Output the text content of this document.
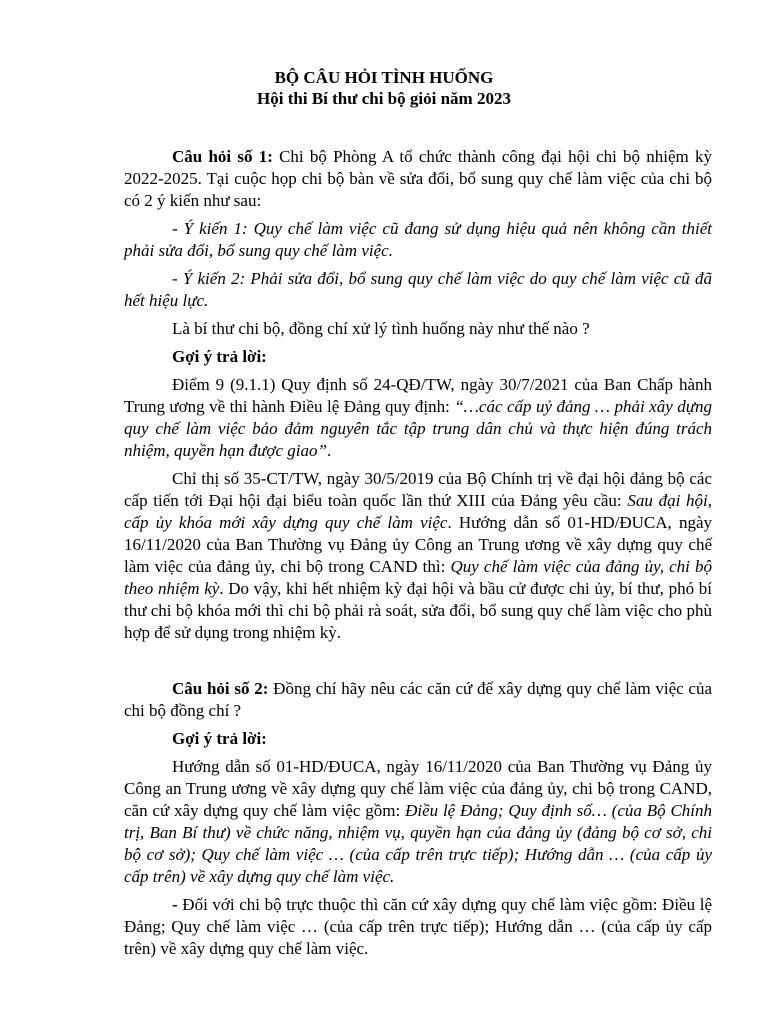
BỘ CÂU HỎI TÌNH HUỐNG
Hội thi Bí thư chi bộ giỏi năm 2023

Câu hỏi số 1: Chi bộ Phòng A tổ chức thành công đại hội chi bộ nhiệm kỳ 2022-2025. Tại cuộc họp chi bộ bàn về sửa đổi, bổ sung quy chế làm việc của chi bộ có 2 ý kiến như sau:

- Ý kiến 1: Quy chế làm việc cũ đang sử dụng hiệu quả nên không cần thiết phải sửa đổi, bổ sung quy chế làm việc.

- Ý kiến 2: Phải sửa đổi, bổ sung quy chế làm việc do quy chế làm việc cũ đã hết hiệu lực.

Là bí thư chi bộ, đồng chí xử lý tình huống này như thế nào ?

Gợi ý trả lời:

Điểm 9 (9.1.1) Quy định số 24-QĐ/TW, ngày 30/7/2021 của Ban Chấp hành Trung ương về thi hành Điều lệ Đảng quy định: “…các cấp uỷ đảng … phải xây dựng quy chế làm việc bảo đảm nguyên tắc tập trung dân chủ và thực hiện đúng trách nhiệm, quyền hạn được giao”.

Chỉ thị số 35-CT/TW, ngày 30/5/2019 của Bộ Chính trị về đại hội đảng bộ các cấp tiến tới Đại hội đại biểu toàn quốc lần thứ XIII của Đảng yêu cầu: Sau đại hội, cấp ủy khóa mới xây dựng quy chế làm việc. Hướng dẫn số 01-HD/ĐUCA, ngày 16/11/2020 của Ban Thường vụ Đảng ủy Công an Trung ương về xây dựng quy chế làm việc của đảng ủy, chi bộ trong CAND thì: Quy chế làm việc của đảng ủy, chi bộ theo nhiệm kỳ. Do vậy, khi hết nhiệm kỳ đại hội và bầu cử được chi ủy, bí thư, phó bí thư chi bộ khóa mới thì chi bộ phải rà soát, sửa đổi, bổ sung quy chế làm việc cho phù hợp để sử dụng trong nhiệm kỳ.

Câu hỏi số 2: Đồng chí hãy nêu các căn cứ để xây dựng quy chế làm việc của chi bộ đồng chí ?

Gợi ý trả lời:

Hướng dẫn số 01-HD/ĐUCA, ngày 16/11/2020 của Ban Thường vụ Đảng ủy Công an Trung ương về xây dựng quy chế làm việc của đảng ủy, chi bộ trong CAND, căn cứ xây dựng quy chế làm việc gồm: Điều lệ Đảng; Quy định số… (của Bộ Chính trị, Ban Bí thư) về chức năng, nhiệm vụ, quyền hạn của đảng ủy (đảng bộ cơ sở, chi bộ cơ sở); Quy chế làm việc … (của cấp trên trực tiếp); Hướng dẫn … (của cấp ủy cấp trên) về xây dựng quy chế làm việc.

- Đối với chi bộ trực thuộc thì căn cứ xây dựng quy chế làm việc gồm: Điều lệ Đảng; Quy chế làm việc … (của cấp trên trực tiếp); Hướng dẫn … (của cấp ủy cấp trên) về xây dựng quy chế làm việc.
